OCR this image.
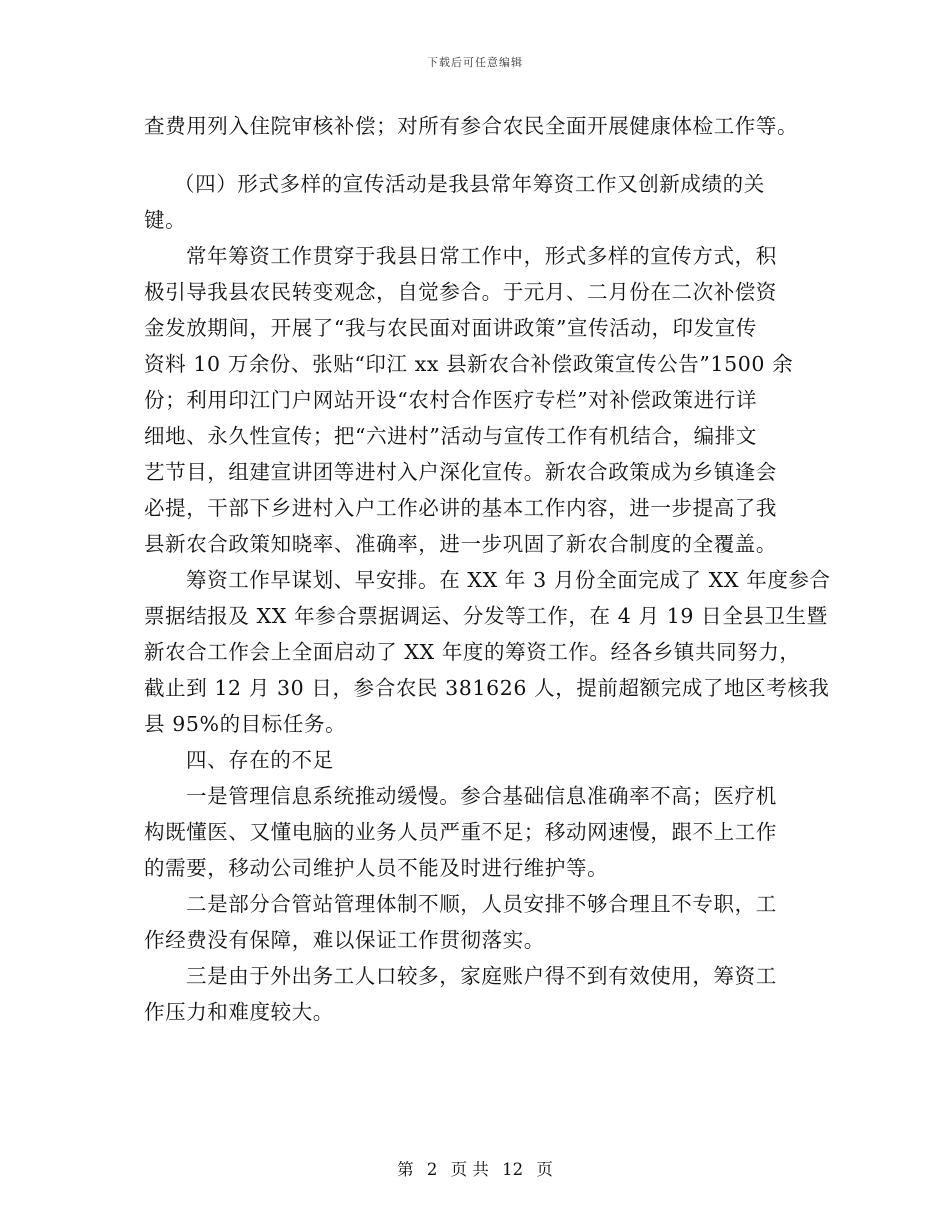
下载后可任意编辑
查费用列入住院审核补偿；对所有参合农民全面开展健康体检工作等。
（四）形式多样的宣传活动是我县常年筹资工作又创新成绩的关
键。
常年筹资工作贯穿于我县日常工作中，形式多样的宣传方式，积
极引导我县农民转变观念，自觉参合。于元月、二月份在二次补偿资
金发放期间，开展了“我与农民面对面讲政策”宣传活动，印发宣传
资料 10 万余份、张贴“印江 xx 县新农合补偿政策宣传公告”1500 余
份；利用印江门户网站开设“农村合作医疗专栏”对补偿政策进行详
细地、永久性宣传；把“六进村”活动与宣传工作有机结合，编排文
艺节目，组建宣讲团等进村入户深化宣传。新农合政策成为乡镇逢会
必提，干部下乡进村入户工作必讲的基本工作内容，进一步提高了我
县新农合政策知晓率、准确率，进一步巩固了新农合制度的全覆盖。
筹资工作早谋划、早安排。在 XX 年 3 月份全面完成了 XX 年度参合
票据结报及 XX 年参合票据调运、分发等工作，在 4 月 19 日全县卫生暨
新农合工作会上全面启动了 XX 年度的筹资工作。经各乡镇共同努力，
截止到 12 月 30 日，参合农民 381626 人，提前超额完成了地区考核我
县 95%的目标任务。
四、存在的不足
一是管理信息系统推动缓慢。参合基础信息准确率不高；医疗机
构既懂医、又懂电脑的业务人员严重不足；移动网速慢，跟不上工作
的需要，移动公司维护人员不能及时进行维护等。
二是部分合管站管理体制不顺，人员安排不够合理且不专职，工
作经费没有保障，难以保证工作贯彻落实。
三是由于外出务工人口较多，家庭账户得不到有效使用，筹资工
作压力和难度较大。
第 2 页 共 12 页
